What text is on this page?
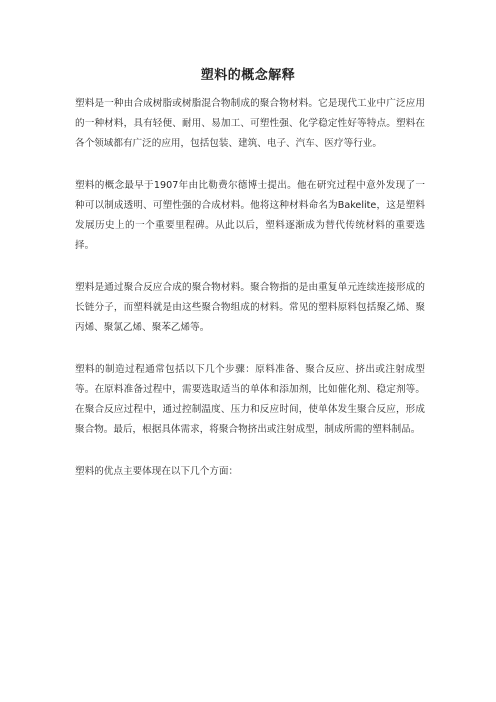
塑料的概念解释

塑料是一种由合成树脂或树脂混合物制成的聚合物材料。它是现代工业中广泛应用的一种材料，具有轻便、耐用、易加工、可塑性强、化学稳定性好等特点。塑料在各个领域都有广泛的应用，包括包装、建筑、电子、汽车、医疗等行业。

塑料的概念最早于1907年由比勒费尔德博士提出。他在研究过程中意外发现了一种可以制成透明、可塑性强的合成材料。他将这种材料命名为Bakelite，这是塑料发展历史上的一个重要里程碑。从此以后，塑料逐渐成为替代传统材料的重要选择。

塑料是通过聚合反应合成的聚合物材料。聚合物指的是由重复单元连续连接形成的长链分子，而塑料就是由这些聚合物组成的材料。常见的塑料原料包括聚乙烯、聚丙烯、聚氯乙烯、聚苯乙烯等。

塑料的制造过程通常包括以下几个步骤：原料准备、聚合反应、挤出或注射成型等。在原料准备过程中，需要选取适当的单体和添加剂，比如催化剂、稳定剂等。在聚合反应过程中，通过控制温度、压力和反应时间，使单体发生聚合反应，形成聚合物。最后，根据具体需求，将聚合物挤出或注射成型，制成所需的塑料制品。

塑料的优点主要体现在以下几个方面：
